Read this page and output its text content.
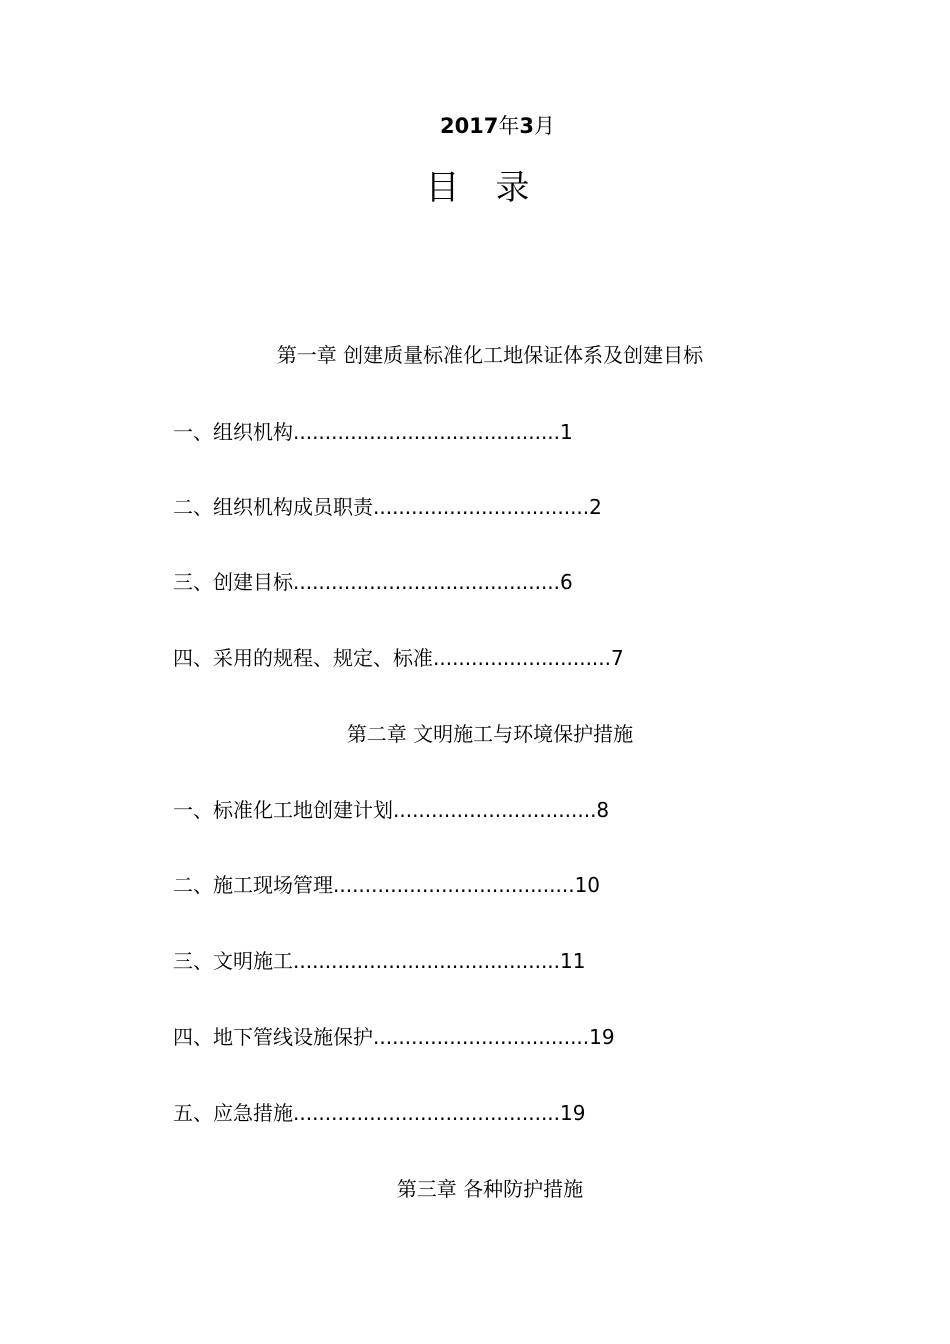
2017年3月
目录
第一章 创建质量标准化工地保证体系及创建目标
一、组织机构..........................................1
二、组织机构成员职责..................................2
三、创建目标..........................................6
四、采用的规程、规定、标准............................7
第二章 文明施工与环境保护措施
一、标准化工地创建计划................................8
二、施工现场管理......................................10
三、文明施工..........................................11
四、地下管线设施保护..................................19
五、应急措施..........................................19
第三章 各种防护措施
